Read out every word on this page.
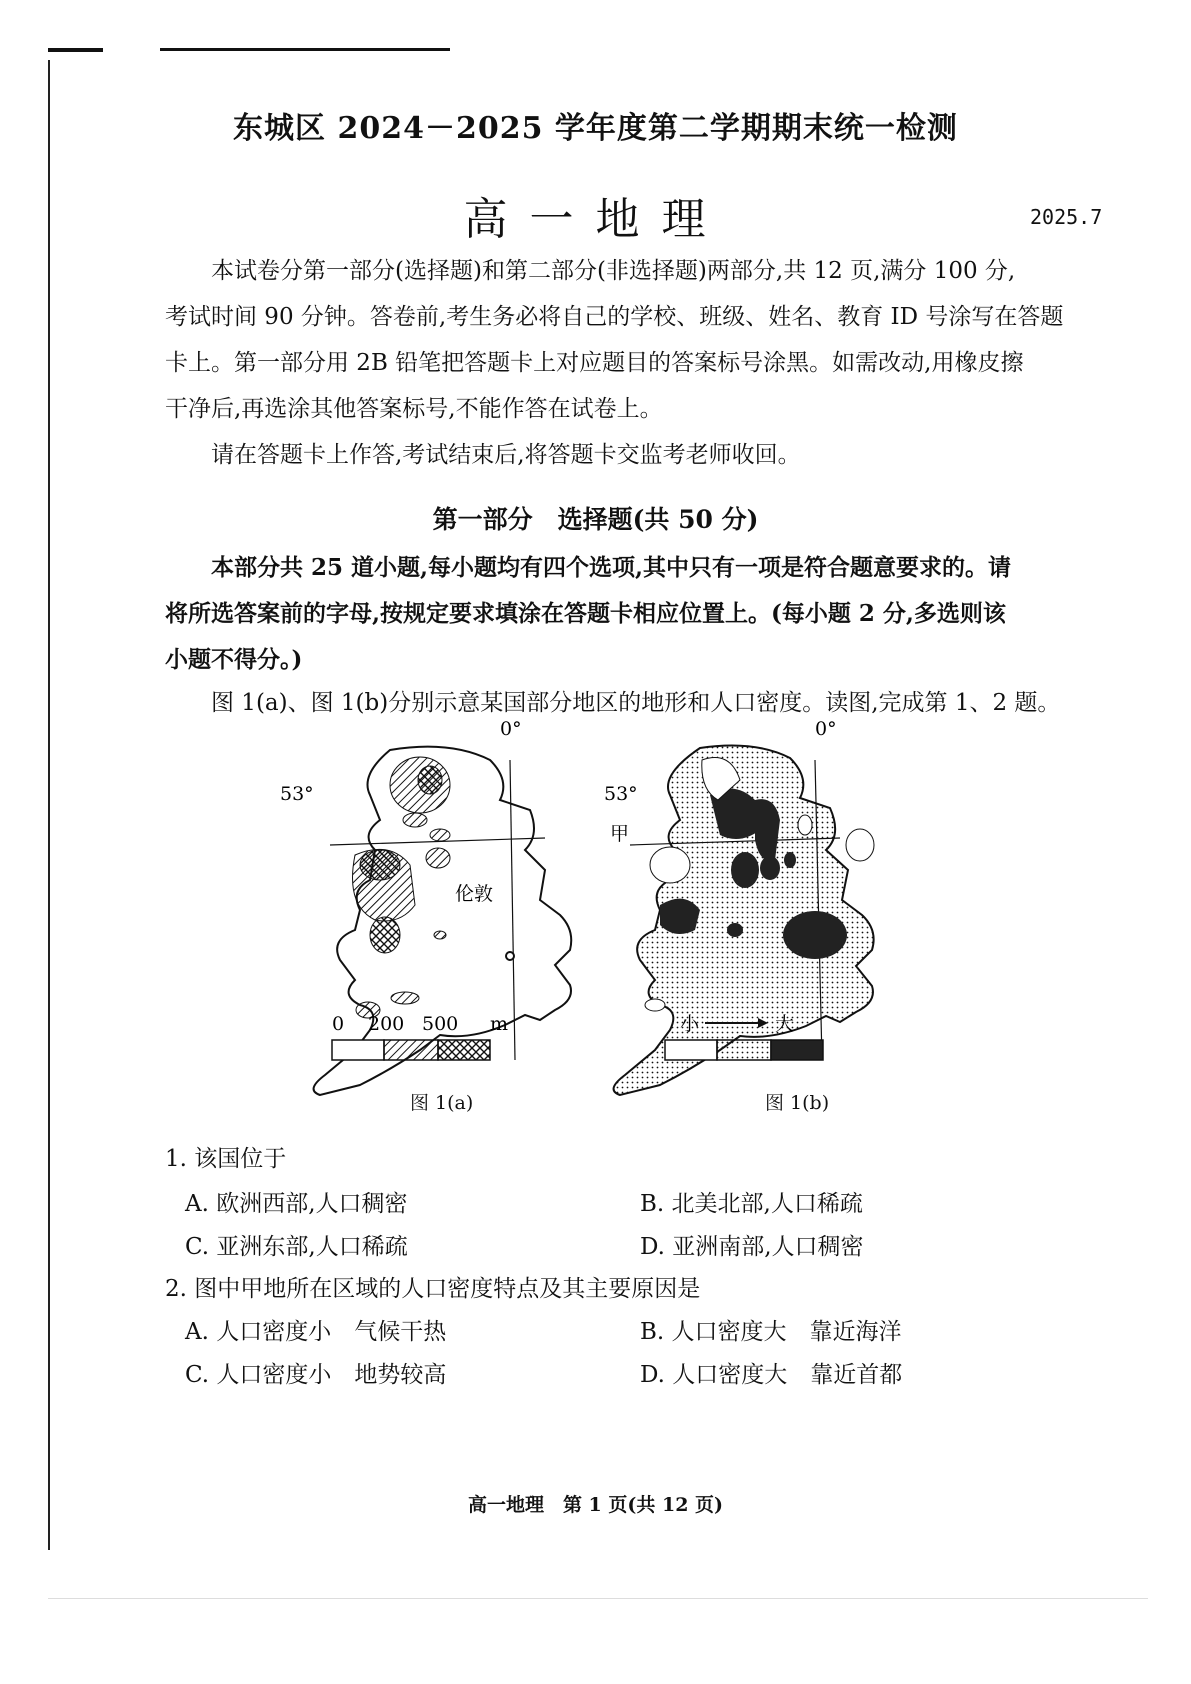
东城区 2024－2025 学年度第二学期期末统一检测
高一地理	2025.7
本试卷分第一部分(选择题)和第二部分(非选择题)两部分,共 12 页,满分 100 分,
考试时间 90 分钟。答卷前,考生务必将自己的学校、班级、姓名、教育 ID 号涂写在答题
卡上。第一部分用 2B 铅笔把答题卡上对应题目的答案标号涂黑。如需改动,用橡皮擦
干净后,再选涂其他答案标号,不能作答在试卷上。
请在答题卡上作答,考试结束后,将答题卡交监考老师收回。
第一部分　选择题(共 50 分)
本部分共 25 道小题,每小题均有四个选项,其中只有一项是符合题意要求的。请
将所选答案前的字母,按规定要求填涂在答题卡相应位置上。(每小题 2 分,多选则该
小题不得分。)
图 1(a)、图 1(b)分别示意某国部分地区的地形和人口密度。读图,完成第 1、2 题。
53°
0°
伦敦
0 200 500 m
图 1(a)
53°
0°
甲
小	大
图 1(b)
1. 该国位于
A. 欧洲西部,人口稠密	B. 北美北部,人口稀疏
C. 亚洲东部,人口稀疏	D. 亚洲南部,人口稠密
2. 图中甲地所在区域的人口密度特点及其主要原因是
A. 人口密度小　气候干热	B. 人口密度大　靠近海洋
C. 人口密度小　地势较高	D. 人口密度大　靠近首都
高一地理　第 1 页(共 12 页)
